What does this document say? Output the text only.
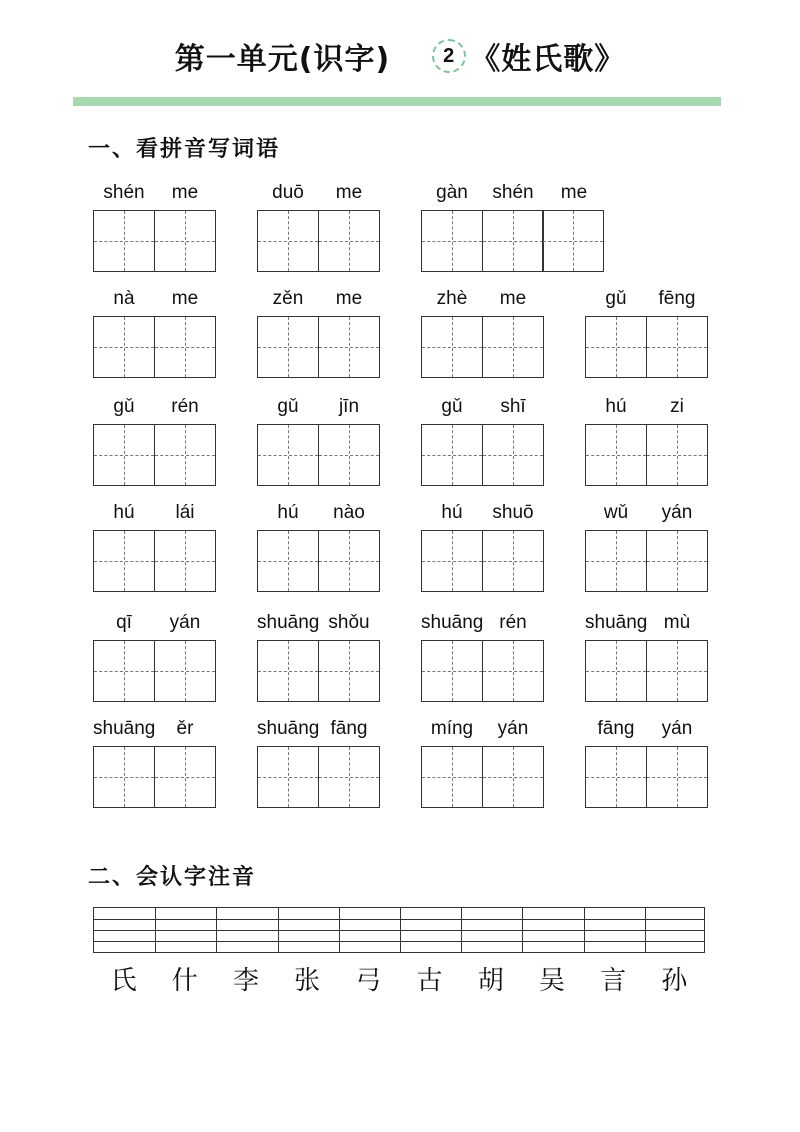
第一单元(识字)	2 《姓氏歌》
一、看拼音写词语
shén	me	duō	me	gàn	shén	me
nà	me	zěn	me	zhè	me	gǔ	fēng
gǔ	rén	gǔ	jīn	gǔ	shī	hú	zi
hú	lái	hú	nào	hú	shuō	wǔ	yán
qī	yán	shuāng shǒu	shuāng rén	shuāng mù
shuāng	ěr	shuāng fāng	míng	yán	fāng	yán
二、会认字注音
氏	什	李	张	弓	古	胡	吴	言	孙
